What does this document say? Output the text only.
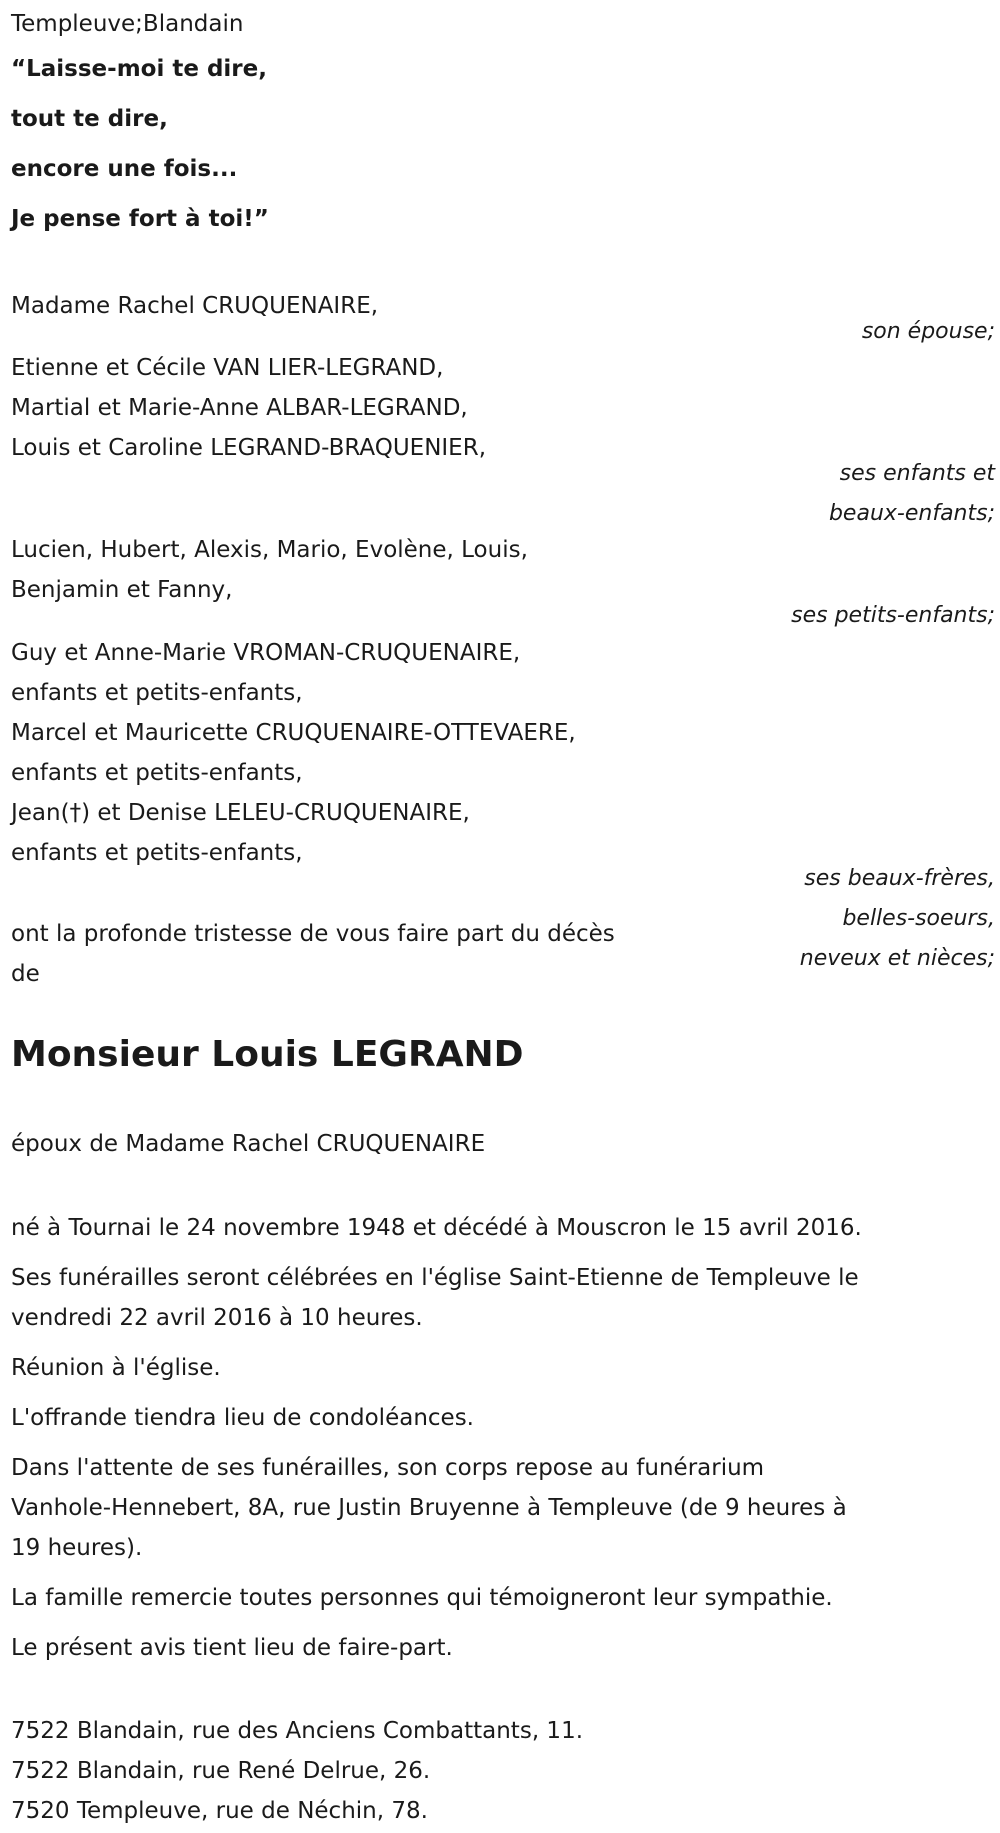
Templeuve;Blandain
“Laisse-moi te dire,
tout te dire,
encore une fois...
Je pense fort à toi!”
Madame Rachel CRUQUENAIRE,
son épouse;
Etienne et Cécile VAN LIER-LEGRAND,
Martial et Marie-Anne ALBAR-LEGRAND,
Louis et Caroline LEGRAND-BRAQUENIER,
ses enfants et
beaux-enfants;
Lucien, Hubert, Alexis, Mario, Evolène, Louis,
Benjamin et Fanny,
ses petits-enfants;
Guy et Anne-Marie VROMAN-CRUQUENAIRE,
enfants et petits-enfants,
Marcel et Mauricette CRUQUENAIRE-OTTEVAERE,
enfants et petits-enfants,
Jean(†) et Denise LELEU-CRUQUENAIRE,
enfants et petits-enfants,
ses beaux-frères,
belles-soeurs,
neveux et nièces;
ont la profonde tristesse de vous faire part du décès
de
Monsieur Louis LEGRAND
époux de Madame Rachel CRUQUENAIRE
né à Tournai le 24 novembre 1948 et décédé à Mouscron le 15 avril 2016.
Ses funérailles seront célébrées en l'église Saint-Etienne de Templeuve le
vendredi 22 avril 2016 à 10 heures.
Réunion à l'église.
L'offrande tiendra lieu de condoléances.
Dans l'attente de ses funérailles, son corps repose au funérarium
Vanhole-Hennebert, 8A, rue Justin Bruyenne à Templeuve (de 9 heures à
19 heures).
La famille remercie toutes personnes qui témoigneront leur sympathie.
Le présent avis tient lieu de faire-part.
7522 Blandain, rue des Anciens Combattants, 11.
7522 Blandain, rue René Delrue, 26.
7520 Templeuve, rue de Néchin, 78.
